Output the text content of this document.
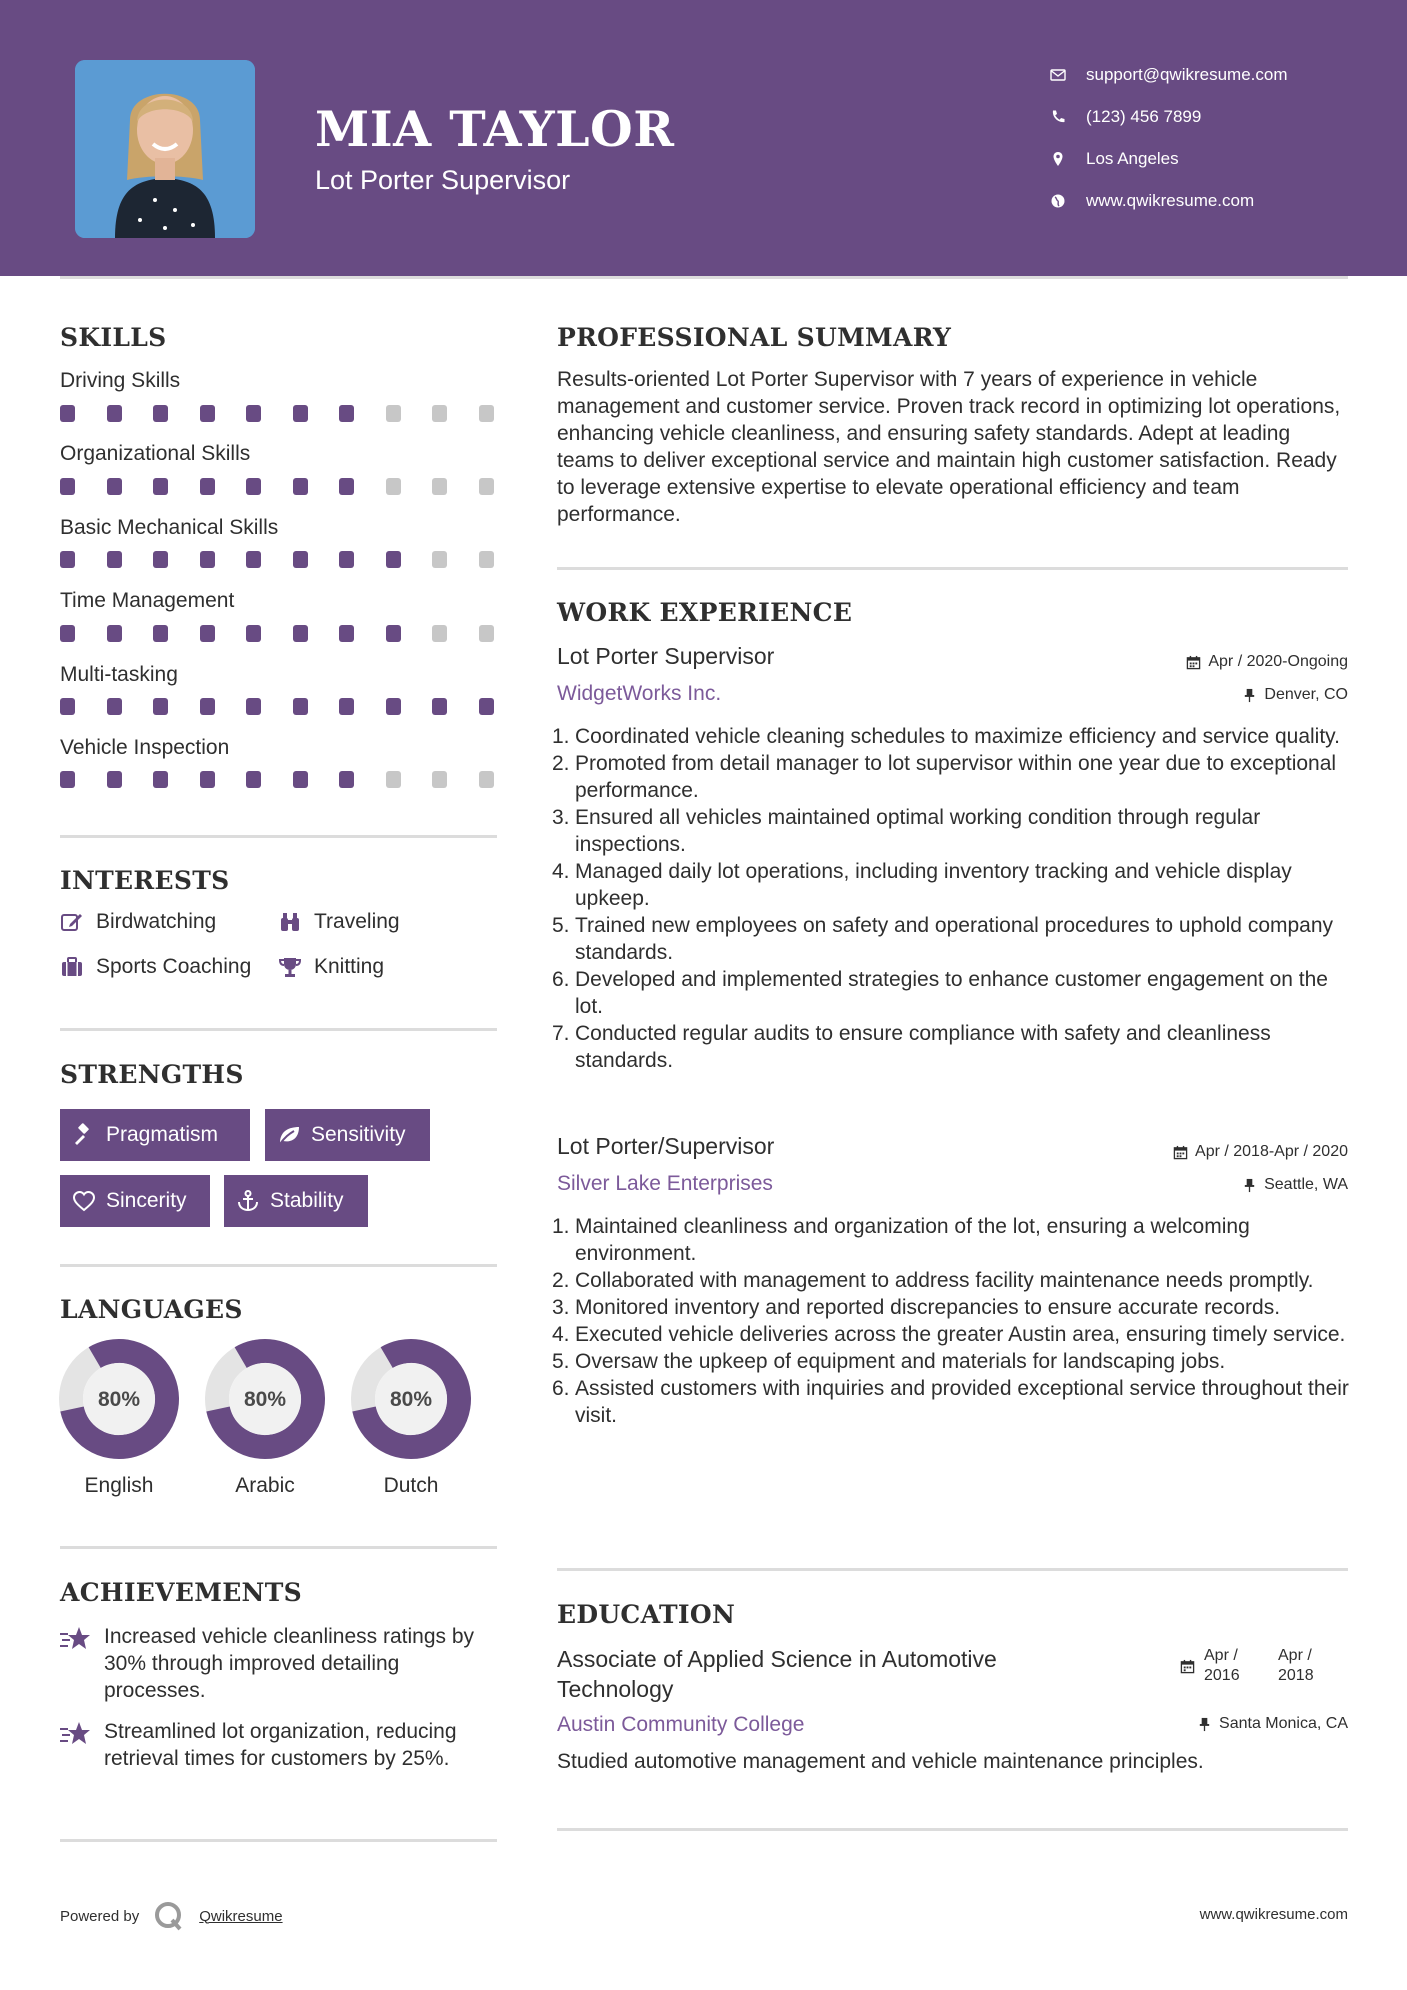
MIA TAYLOR
Lot Porter Supervisor
support@qwikresume.com
(123) 456 7899
Los Angeles
www.qwikresume.com
SKILLS
Driving Skills
Organizational Skills
Basic Mechanical Skills
Time Management
Multi-tasking
Vehicle Inspection
INTERESTS
Birdwatching	Traveling
Sports Coaching	Knitting
STRENGTHS
Pragmatism	Sensitivity
Sincerity	Stability
LANGUAGES
80%
English
80%
Arabic
80%
Dutch
ACHIEVEMENTS
Increased vehicle cleanliness ratings by 30% through improved detailing processes.
Streamlined lot organization, reducing retrieval times for customers by 25%.
PROFESSIONAL SUMMARY
Results-oriented Lot Porter Supervisor with 7 years of experience in vehicle management and customer service. Proven track record in optimizing lot operations, enhancing vehicle cleanliness, and ensuring safety standards. Adept at leading teams to deliver exceptional service and maintain high customer satisfaction. Ready to leverage extensive expertise to elevate operational efficiency and team performance.
WORK EXPERIENCE
Lot Porter Supervisor
WidgetWorks Inc.
Apr / 2020-Ongoing
Denver, CO
1. Coordinated vehicle cleaning schedules to maximize efficiency and service quality.
2. Promoted from detail manager to lot supervisor within one year due to exceptional performance.
3. Ensured all vehicles maintained optimal working condition through regular inspections.
4. Managed daily lot operations, including inventory tracking and vehicle display upkeep.
5. Trained new employees on safety and operational procedures to uphold company standards.
6. Developed and implemented strategies to enhance customer engagement on the lot.
7. Conducted regular audits to ensure compliance with safety and cleanliness standards.
Lot Porter/Supervisor
Silver Lake Enterprises
Apr / 2018-Apr / 2020
Seattle, WA
1. Maintained cleanliness and organization of the lot, ensuring a welcoming environment.
2. Collaborated with management to address facility maintenance needs promptly.
3. Monitored inventory and reported discrepancies to ensure accurate records.
4. Executed vehicle deliveries across the greater Austin area, ensuring timely service.
5. Oversaw the upkeep of equipment and materials for landscaping jobs.
6. Assisted customers with inquiries and provided exceptional service throughout their visit.
EDUCATION
Associate of Applied Science in Automotive Technology
Apr / 2016
Apr / 2018
Austin Community College	Santa Monica, CA
Studied automotive management and vehicle maintenance principles.
Powered by	Qwikresume	www.qwikresume.com
